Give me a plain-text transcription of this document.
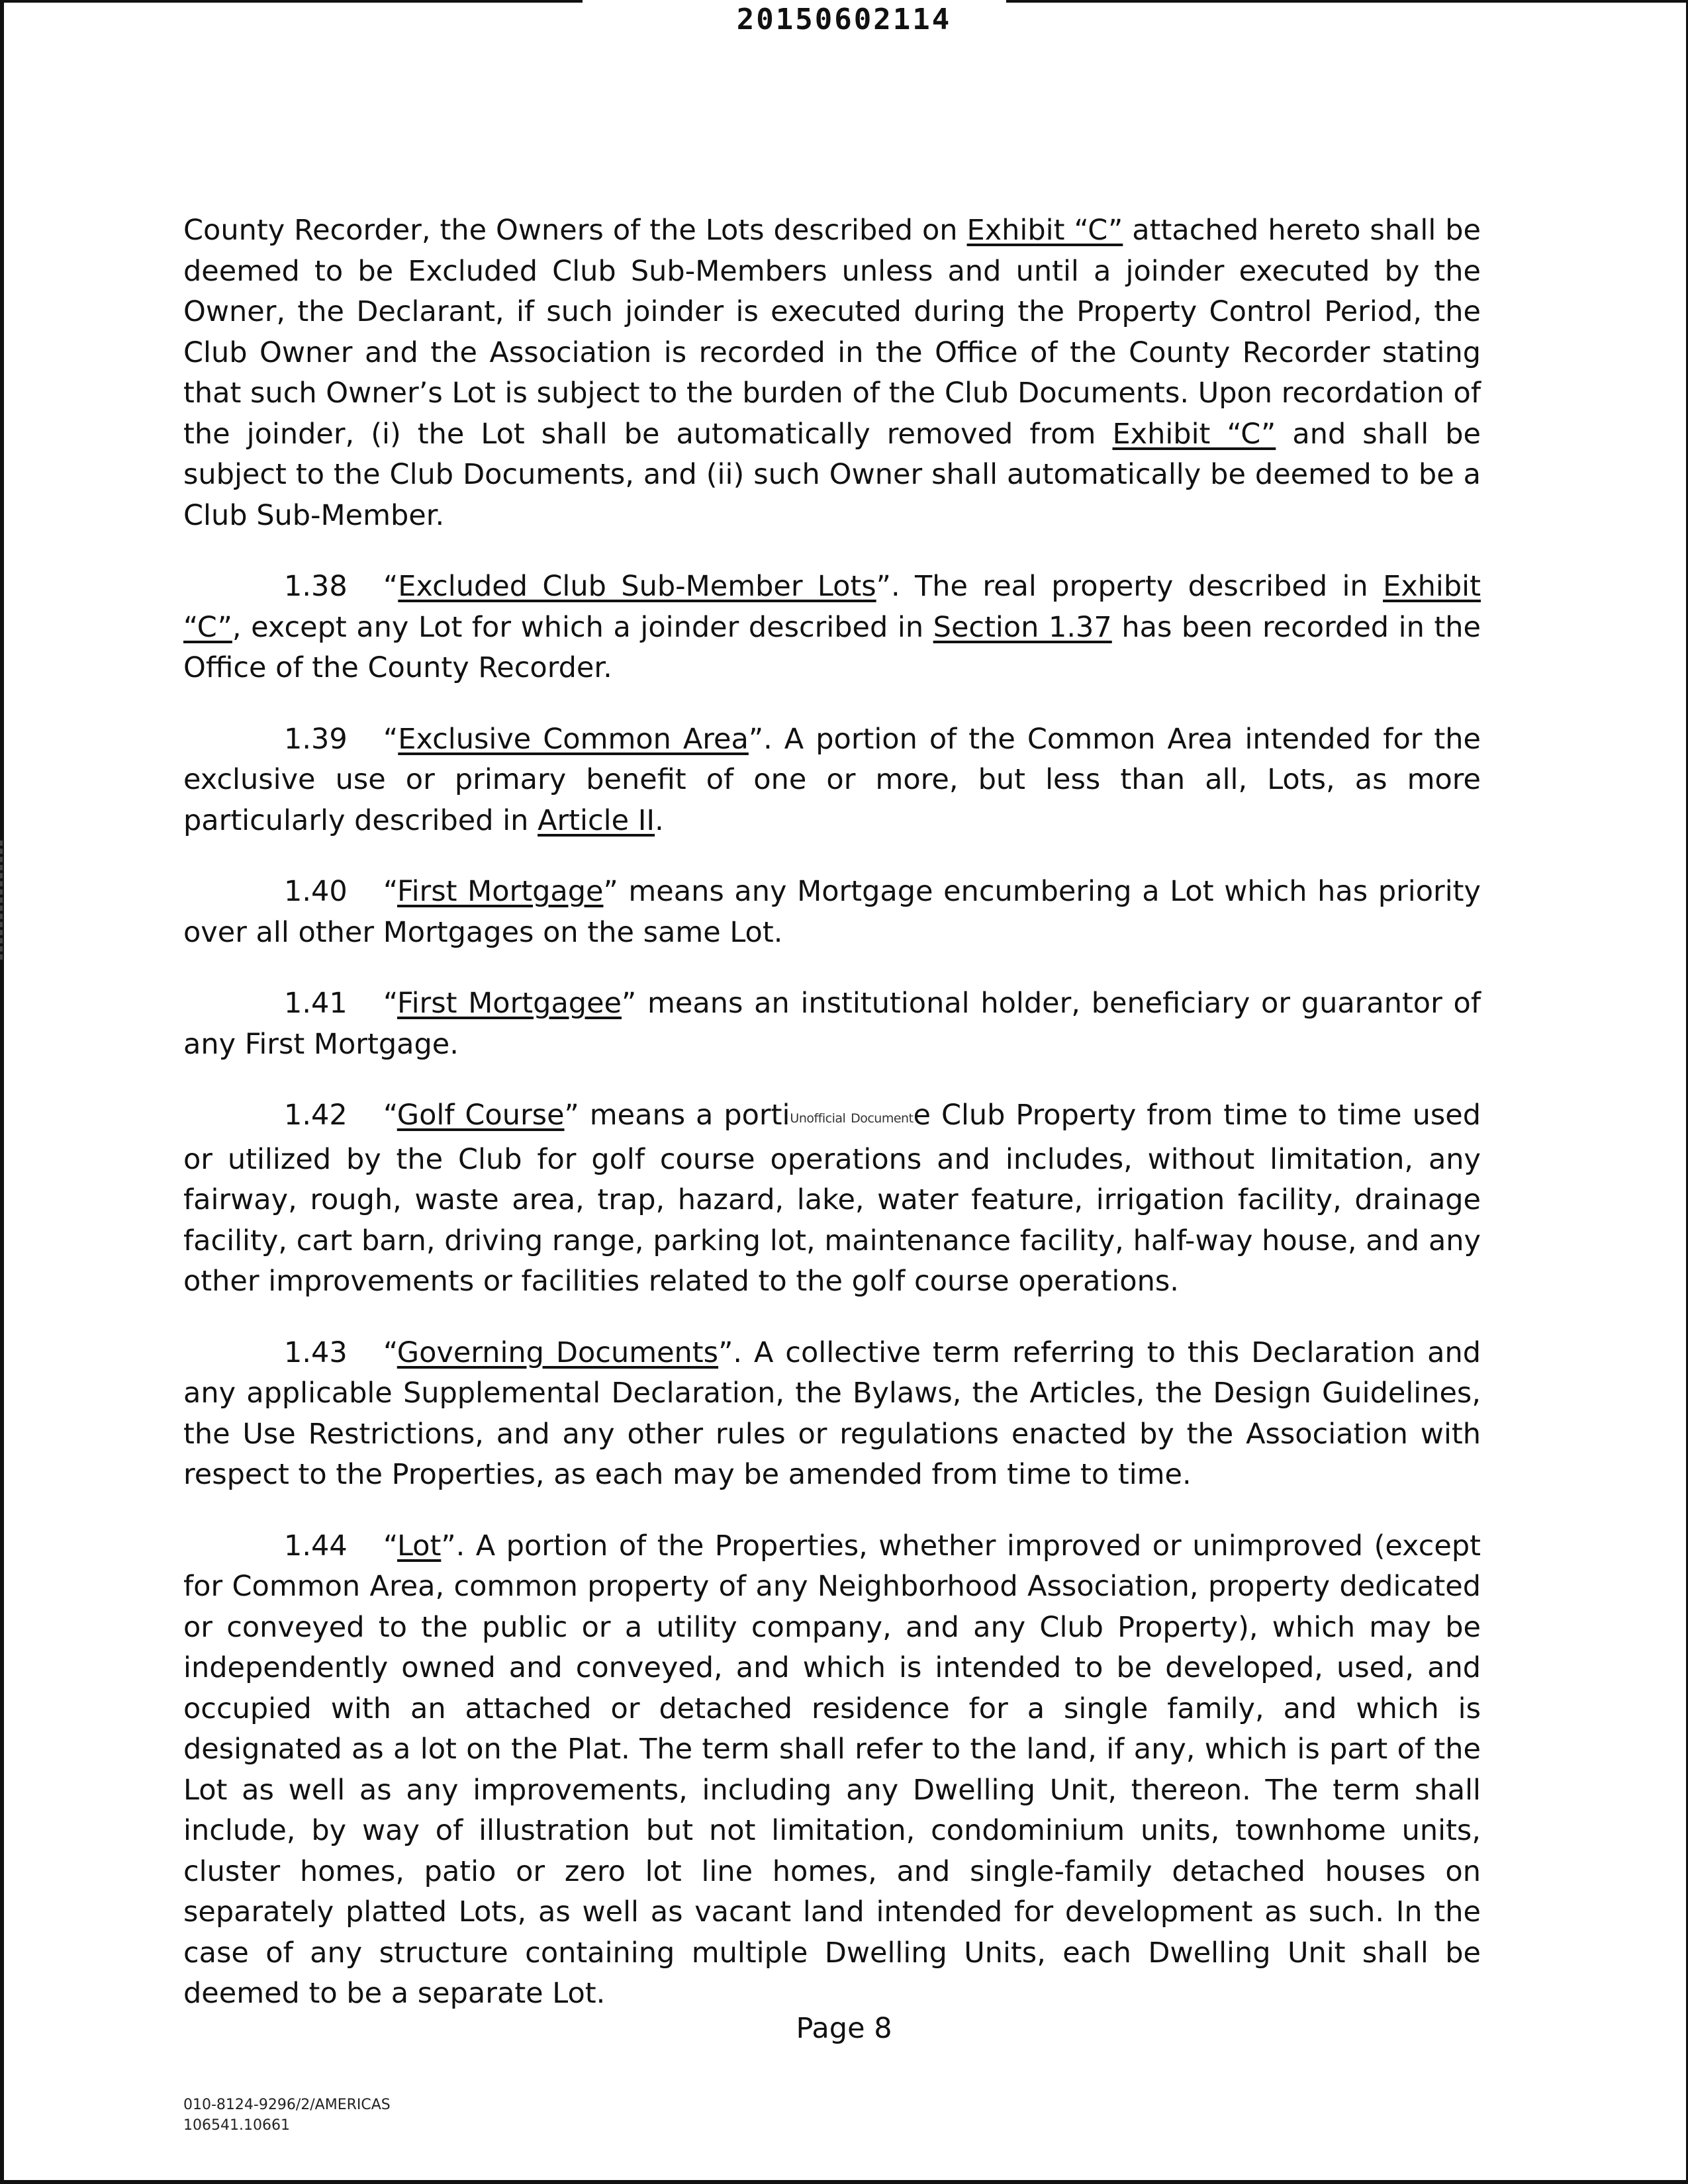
20150602114

County Recorder, the Owners of the Lots described on Exhibit “C” attached hereto shall be deemed to be Excluded Club Sub-Members unless and until a joinder executed by the Owner, the Declarant, if such joinder is executed during the Property Control Period, the Club Owner and the Association is recorded in the Office of the County Recorder stating that such Owner’s Lot is subject to the burden of the Club Documents. Upon recordation of the joinder, (i) the Lot shall be automatically removed from Exhibit “C” and shall be subject to the Club Documents, and (ii) such Owner shall automatically be deemed to be a Club Sub-Member.

1.38 “Excluded Club Sub-Member Lots”. The real property described in Exhibit “C”, except any Lot for which a joinder described in Section 1.37 has been recorded in the Office of the County Recorder.

1.39 “Exclusive Common Area”. A portion of the Common Area intended for the exclusive use or primary benefit of one or more, but less than all, Lots, as more particularly described in Article II.

1.40 “First Mortgage” means any Mortgage encumbering a Lot which has priority over all other Mortgages on the same Lot.

1.41 “First Mortgagee” means an institutional holder, beneficiary or guarantor of any First Mortgage.

1.42 “Golf Course” means a portiUnofficial Documente Club Property from time to time used or utilized by the Club for golf course operations and includes, without limitation, any fairway, rough, waste area, trap, hazard, lake, water feature, irrigation facility, drainage facility, cart barn, driving range, parking lot, maintenance facility, half-way house, and any other improvements or facilities related to the golf course operations.

1.43 “Governing Documents”. A collective term referring to this Declaration and any applicable Supplemental Declaration, the Bylaws, the Articles, the Design Guidelines, the Use Restrictions, and any other rules or regulations enacted by the Association with respect to the Properties, as each may be amended from time to time.

1.44 “Lot”. A portion of the Properties, whether improved or unimproved (except for Common Area, common property of any Neighborhood Association, property dedicated or conveyed to the public or a utility company, and any Club Property), which may be independently owned and conveyed, and which is intended to be developed, used, and occupied with an attached or detached residence for a single family, and which is designated as a lot on the Plat. The term shall refer to the land, if any, which is part of the Lot as well as any improvements, including any Dwelling Unit, thereon. The term shall include, by way of illustration but not limitation, condominium units, townhome units, cluster homes, patio or zero lot line homes, and single-family detached houses on separately platted Lots, as well as vacant land intended for development as such. In the case of any structure containing multiple Dwelling Units, each Dwelling Unit shall be deemed to be a separate Lot.

Page 8
010-8124-9296/2/AMERICAS
106541.10661
